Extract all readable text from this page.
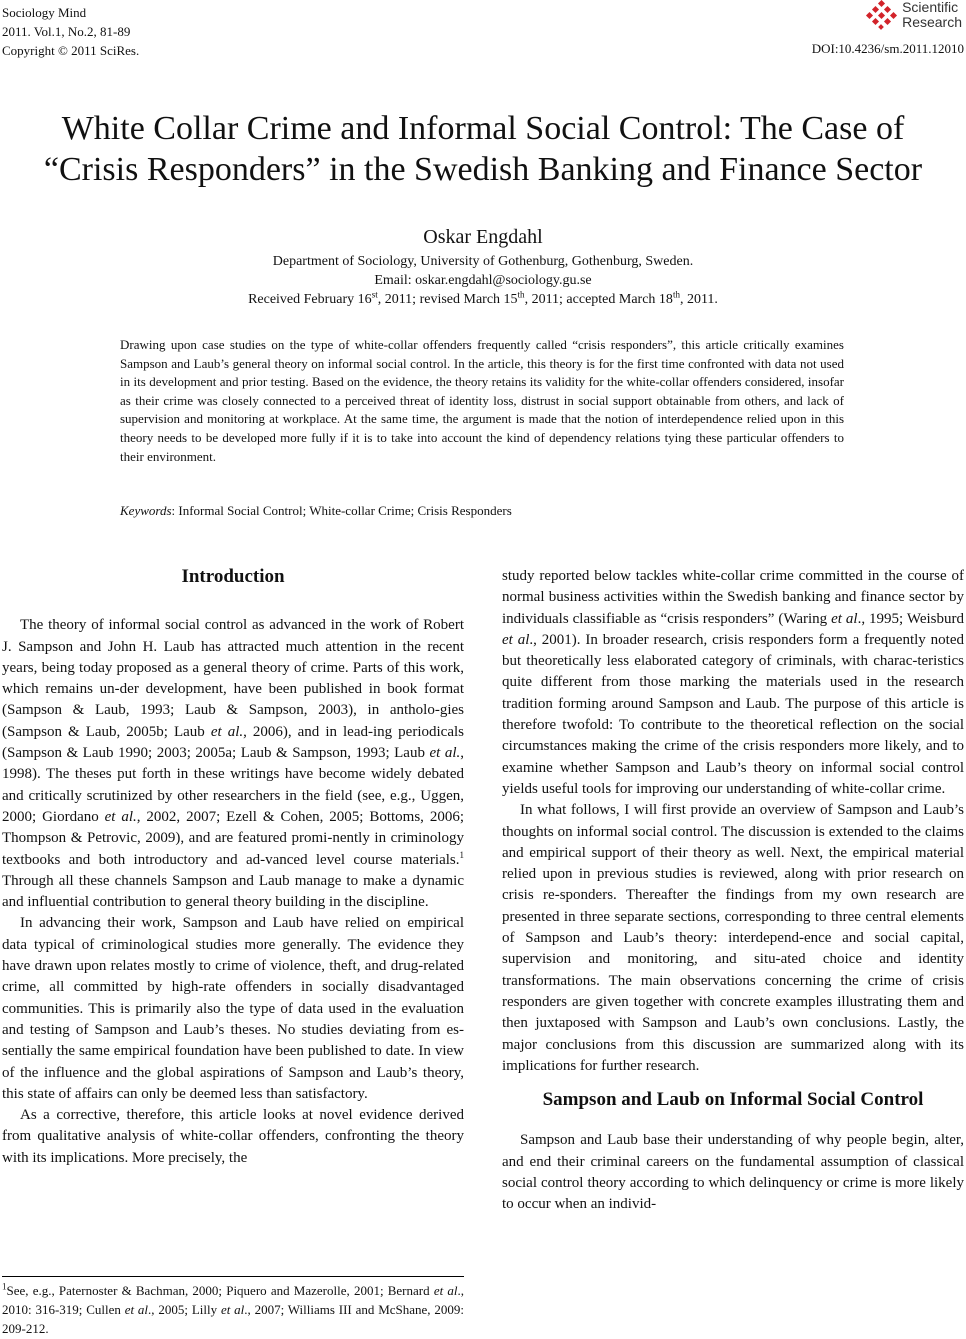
Sociology Mind
2011. Vol.1, No.2, 81-89
Copyright © 2011 SciRes.
Scientific
Research
DOI:10.4236/sm.2011.12010
White Collar Crime and Informal Social Control: The Case of
“Crisis Responders” in the Swedish Banking and Finance Sector
Oskar Engdahl
Department of Sociology, University of Gothenburg, Gothenburg, Sweden.
Email: oskar.engdahl@sociology.gu.se
Received February 16st, 2011; revised March 15th, 2011; accepted March 18th, 2011.

Drawing upon case studies on the type of white-collar offenders frequently called “crisis responders”, this article critically examines Sampson and Laub’s general theory on informal social control. In the article, this theory is for the first time confronted with data not used in its development and prior testing. Based on the evidence, the theory retains its validity for the white-collar offenders considered, insofar as their crime was closely connected to a perceived threat of identity loss, distrust in social support obtainable from others, and lack of supervision and monitoring at workplace. At the same time, the argument is made that the notion of interdependence relied upon in this theory needs to be developed more fully if it is to take into account the kind of dependency relations tying these particular offenders to their environment.

Keywords: Informal Social Control; White-collar Crime; Crisis Responders
Introduction

The theory of informal social control as advanced in the work of Robert J. Sampson and John H. Laub has attracted much attention in the recent years, being today proposed as a general theory of crime. Parts of this work, which remains un-der development, have been published in book format (Sampson & Laub, 1993; Laub & Sampson, 2003), in antholo-gies (Sampson & Laub, 2005b; Laub et al., 2006), and in lead-ing periodicals (Sampson & Laub 1990; 2003; 2005a; Laub & Sampson, 1993; Laub et al., 1998). The theses put forth in these writings have become widely debated and critically scrutinized by other researchers in the field (see, e.g., Uggen, 2000; Giordano et al., 2002, 2007; Ezell & Cohen, 2005; Bottoms, 2006; Thompson & Petrovic, 2009), and are featured promi-nently in criminology textbooks and both introductory and ad-vanced level course materials.$^1$ Through all these channels Sampson and Laub manage to make a dynamic and influential contribution to general theory building in the discipline.

In advancing their work, Sampson and Laub have relied on empirical data typical of criminological studies more generally. The evidence they have drawn upon relates mostly to crime of violence, theft, and drug-related crime, all committed by high-rate offenders in socially disadvantaged communities. This is primarily also the type of data used in the evaluation and testing of Sampson and Laub’s theses. No studies deviating from es-sentially the same empirical foundation have been published to date. In view of the influence and the global aspirations of Sampson and Laub’s theory, this state of affairs can only be deemed less than satisfactory.

As a corrective, therefore, this article looks at novel evidence derived from qualitative analysis of white-collar offenders, confronting the theory with its implications. More precisely, the

study reported below tackles white-collar crime committed in the course of normal business activities within the Swedish banking and finance sector by individuals classifiable as “crisis responders” (Waring et al., 1995; Weisburd et al., 2001). In broader research, crisis responders form a frequently noted but theoretically less elaborated category of criminals, with charac-teristics quite different from those marking the materials used in the research tradition forming around Sampson and Laub. The purpose of this article is therefore twofold: To contribute to the theoretical reflection on the social circumstances making the crime of the crisis responders more likely, and to examine whether Sampson and Laub’s theory on informal social control yields useful tools for improving our understanding of white-collar crime.

In what follows, I will first provide an overview of Sampson and Laub’s thoughts on informal social control. The discussion is extended to the claims and empirical support of their theory as well. Next, the empirical material relied upon in previous studies is reviewed, along with prior research on crisis re-sponders. Thereafter the findings from my own research are presented in three separate sections, corresponding to three central elements of Sampson and Laub’s theory: interdepend-ence and social capital, supervision and monitoring, and situ-ated choice and identity transformations. The main observations concerning the crime of crisis responders are given together with concrete examples illustrating them and then juxtaposed with Sampson and Laub’s own conclusions. Lastly, the major conclusions from this discussion are summarized along with its implications for further research.

Sampson and Laub on Informal Social Control

Sampson and Laub base their understanding of why people begin, alter, and end their criminal careers on the fundamental assumption of classical social control theory according to which delinquency or crime is more likely to occur when an individ-

$^1$See, e.g., Paternoster & Bachman, 2000; Piquero and Mazerolle, 2001; Bernard et al., 2010: 316-319; Cullen et al., 2005; Lilly et al., 2007; Williams III and McShane, 2009: 209-212.
